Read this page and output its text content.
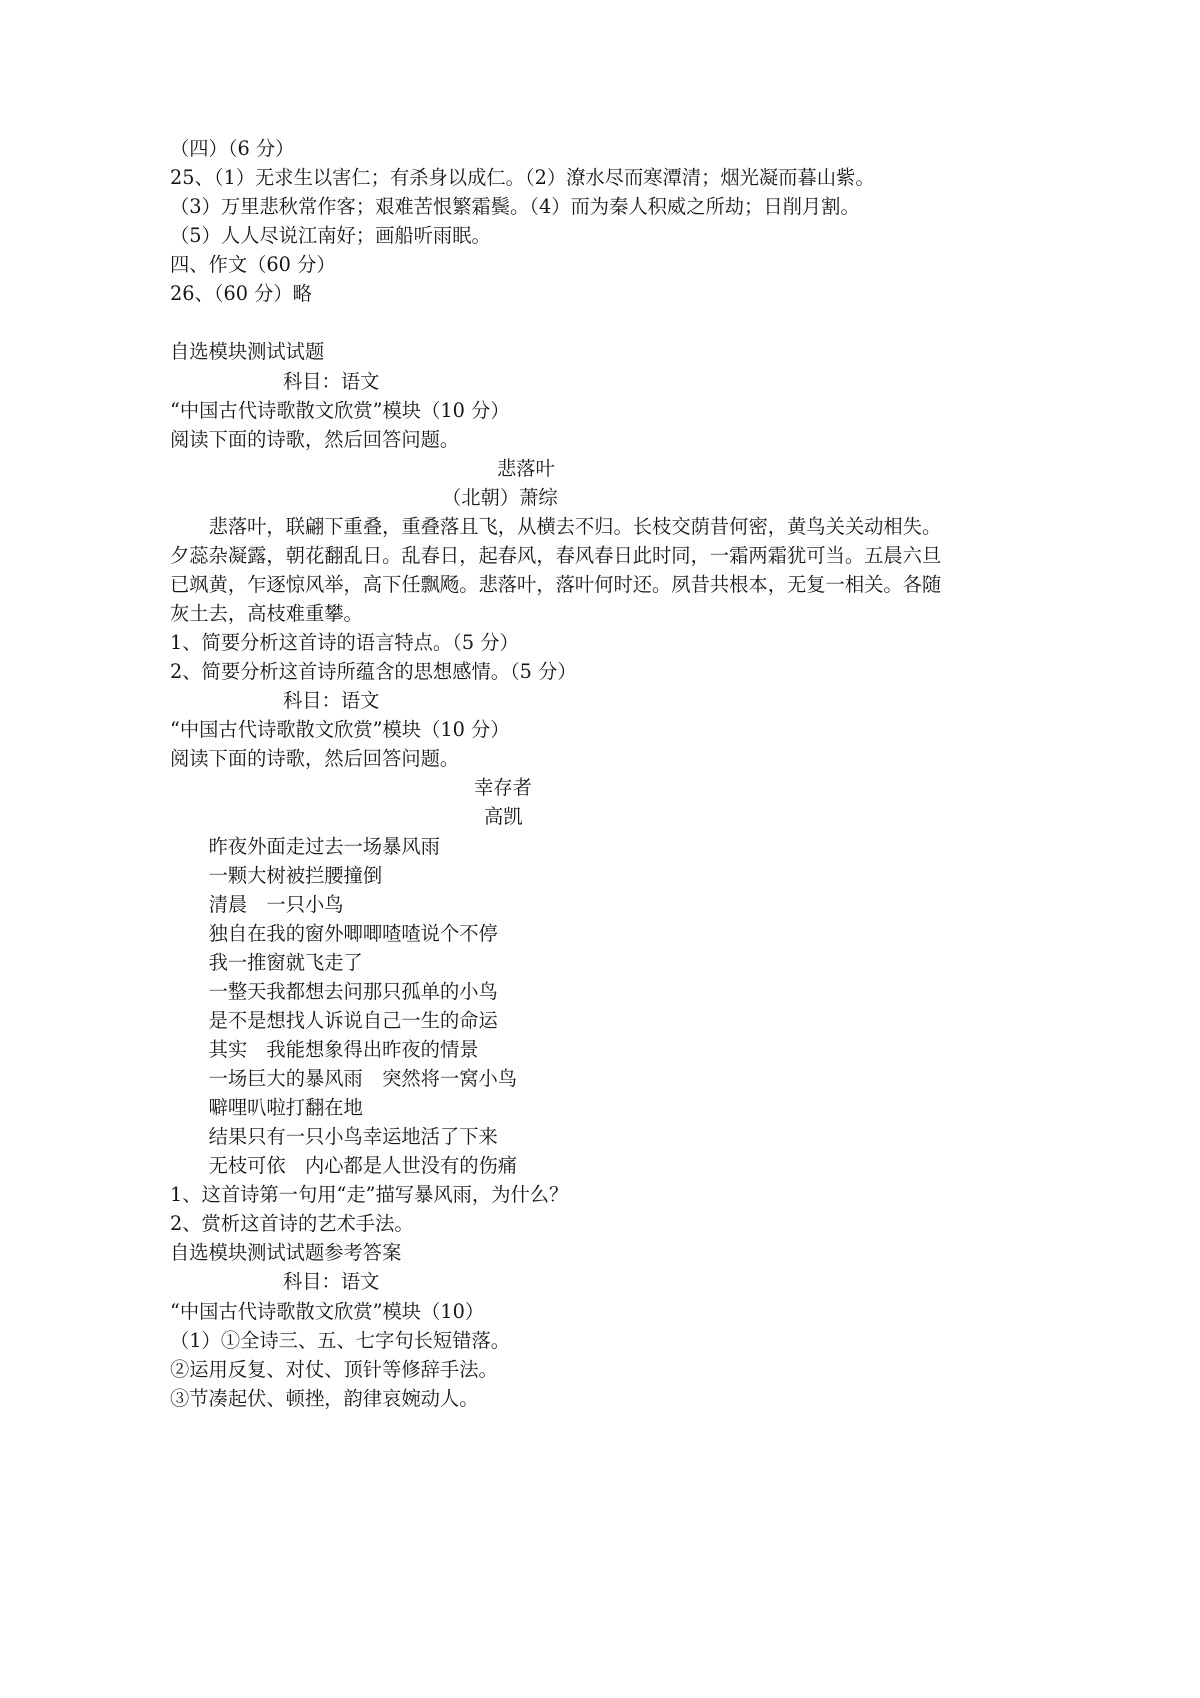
（四）（6 分）
25、（1）无求生以害仁；有杀身以成仁。（2）潦水尽而寒潭清；烟光凝而暮山紫。
（3）万里悲秋常作客；艰难苦恨繁霜鬓。（4）而为秦人积威之所劫；日削月割。
（5）人人尽说江南好；画船听雨眠。
四、作文（60 分）
26、（60 分）略
自选模块测试试题

科目：语文

“中国古代诗歌散文欣赏”模块（10 分）
阅读下面的诗歌，然后回答问题。
悲落叶
（北朝）萧综
悲落叶，联翩下重叠，重叠落且飞，从横去不归。长枝交荫昔何密，黄鸟关关动相失。
夕蕊杂凝露，朝花翻乱日。乱春日，起春风，春风春日此时同，一霜两霜犹可当。五晨六旦
已飒黄，乍逐惊风举，高下任飘飏。悲落叶，落叶何时还。夙昔共根本，无复一相关。各随
灰土去，高枝难重攀。
1、简要分析这首诗的语言特点。（5 分）
2、简要分析这首诗所蕴含的思想感情。（5 分）

科目：语文

“中国古代诗歌散文欣赏”模块（10 分）
阅读下面的诗歌，然后回答问题。
幸存者
高凯
昨夜外面走过去一场暴风雨
一颗大树被拦腰撞倒
清晨　一只小鸟
独自在我的窗外唧唧喳喳说个不停
我一推窗就飞走了
一整天我都想去问那只孤单的小鸟
是不是想找人诉说自己一生的命运
其实　我能想象得出昨夜的情景
一场巨大的暴风雨　突然将一窝小鸟
噼哩叭啦打翻在地
结果只有一只小鸟幸运地活了下来
无枝可依　内心都是人世没有的伤痛
1、这首诗第一句用“走”描写暴风雨，为什么？
2、赏析这首诗的艺术手法。
自选模块测试试题参考答案

科目：语文

“中国古代诗歌散文欣赏”模块（10）
（1）①全诗三、五、七字句长短错落。
②运用反复、对仗、顶针等修辞手法。
③节凑起伏、顿挫，韵律哀婉动人。
